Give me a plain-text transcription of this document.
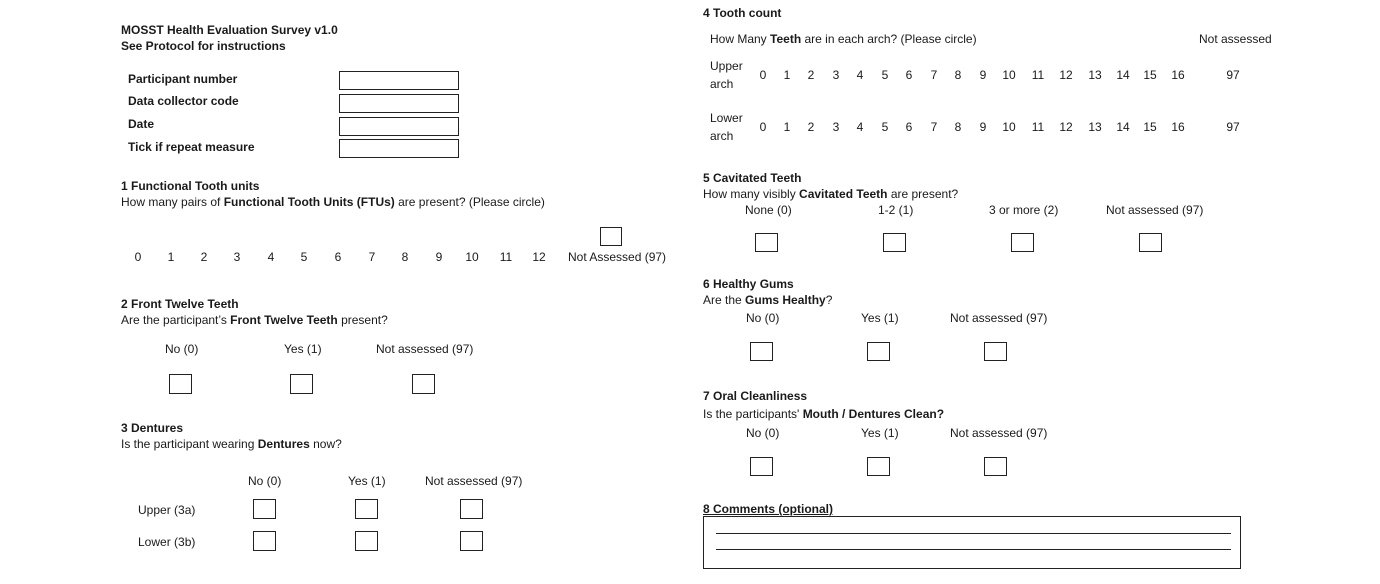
MOSST Health Evaluation Survey v1.0
See Protocol for instructions
Participant number
Data collector code
Date
Tick if repeat measure
1 Functional Tooth units
How many pairs of Functional Tooth Units (FTUs) are present? (Please circle)
0	1	2	3	4	5	6	7	8	9	10	11	12	Not Assessed (97)
2 Front Twelve Teeth
Are the participant’s Front Twelve Teeth present?
No (0)	Yes (1)	Not assessed (97)
3 Dentures
Is the participant wearing Dentures now?
No (0)	Yes (1)	Not assessed (97)
Upper (3a)
Lower (3b)
4 Tooth count
How Many Teeth are in each arch? (Please circle)	Not assessed
Upper
arch
0	1	2	3	4	5	6	7	8	9	10	11	12	13	14	15	16	97
Lower
arch
0	1	2	3	4	5	6	7	8	9	10	11	12	13	14	15	16	97
5 Cavitated Teeth
How many visibly Cavitated Teeth are present?
None (0)	1-2 (1)	3 or more (2)	Not assessed (97)
6 Healthy Gums
Are the Gums Healthy?
No (0)	Yes (1)	Not assessed (97)
7 Oral Cleanliness
Is the participants' Mouth / Dentures Clean?
No (0)	Yes (1)	Not assessed (97)
8 Comments (optional)
